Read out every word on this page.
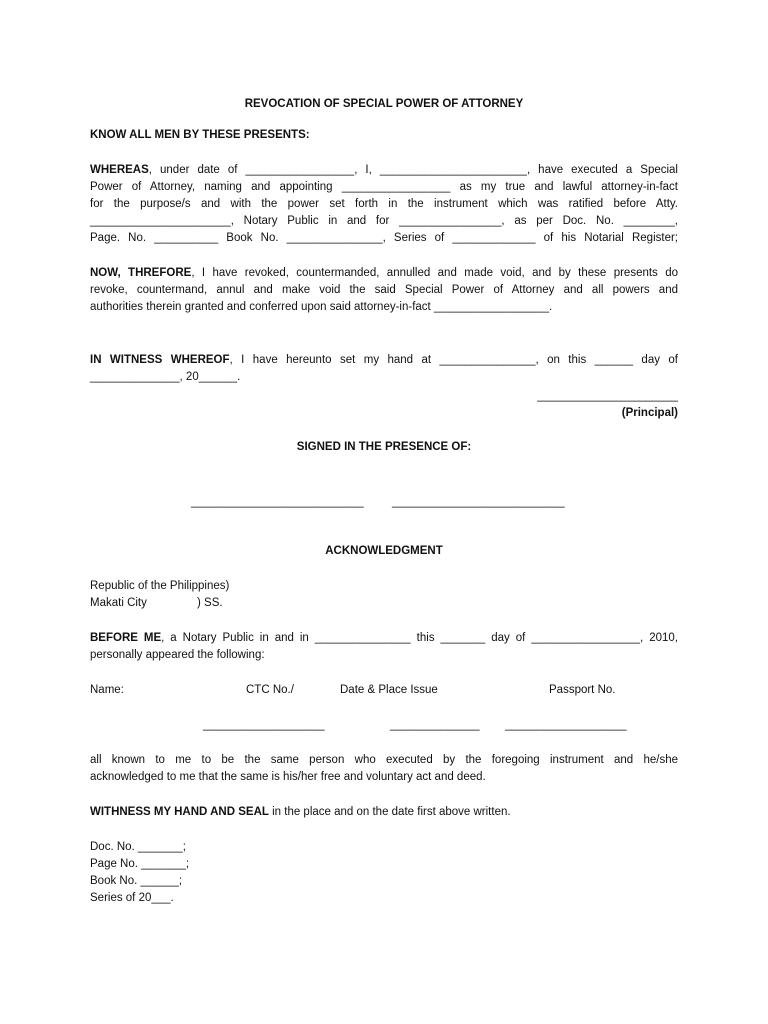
REVOCATION OF SPECIAL POWER OF ATTORNEY
KNOW ALL MEN BY THESE PRESENTS:
WHEREAS, under date of _________________, I, _______________________, have executed a Special
Power of Attorney, naming and appointing _________________ as my true and lawful attorney-in-fact
for the purpose/s and with the power set forth in the instrument which was ratified before Atty.
______________________, Notary Public in and for ________________, as per Doc. No. ________,
Page. No. __________ Book No. _______________, Series of _____________ of his Notarial Register;
NOW, THREFORE, I have revoked, countermanded, annulled and made void, and by these presents do
revoke, countermand, annul and make void the said Special Power of Attorney and all powers and
authorities therein granted and conferred upon said attorney-in-fact __________________.
IN WITNESS WHEREOF, I have hereunto set my hand at _______________, on this ______ day of
______________, 20______.
______________________
(Principal)
SIGNED IN THE PRESENCE OF:
___________________________ ___________________________
ACKNOWLEDGMENT
Republic of the Philippines)
Makati City	) SS.
BEFORE ME, a Notary Public in and in _______________ this _______ day of _________________, 2010,
personally appeared the following:
Name:	CTC No./	Date & Place Issue	Passport No.
___________________	______________ ___________________
all known to me to be the same person who executed by the foregoing instrument and he/she
acknowledged to me that the same is his/her free and voluntary act and deed.
WITHNESS MY HAND AND SEAL in the place and on the date first above written.
Doc. No. _______;
Page No. _______;
Book No. ______;
Series of 20___.
